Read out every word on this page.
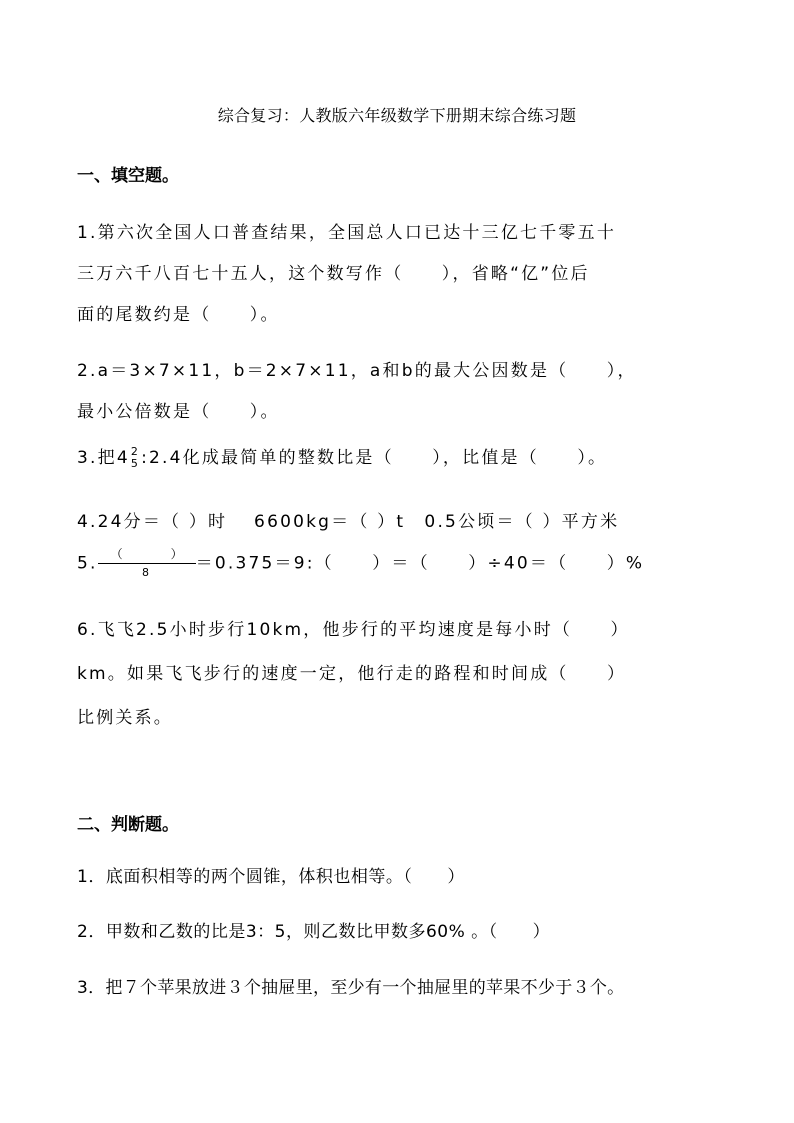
综合复习：人教版六年级数学下册期末综合练习题
一、填空题。
1.第六次全国人口普查结果，全国总人口已达十三亿七千零五十
三万六千八百七十五人，这个数写作（　　），省略“亿”位后
面的尾数约是（　　）。
2.a＝3×7×11，b＝2×7×11，a和b的最大公因数是（　　），
最小公倍数是（　　）。
3.把4 2
5 :2.4化成最简单的整数比是（　　），比值是（　　）。
4.24分＝（ ）时　 6600kg＝（ ）t　0.5公顷＝（ ）平方米
5. $\frac{( )}{8}$ ＝0.375＝9:（　　）＝（　　）÷40＝（　　）%
6.飞飞2.5小时步行10km，他步行的平均速度是每小时（　　）
km。如果飞飞步行的速度一定，他行走的路程和时间成（　　）
比例关系。
二、判断题。
1．底面积相等的两个圆锥，体积也相等。（　　）
2．甲数和乙数的比是3：5，则乙数比甲数多60% 。（　　）
3．把７个苹果放进３个抽屉里，至少有一个抽屉里的苹果不少于３个。
